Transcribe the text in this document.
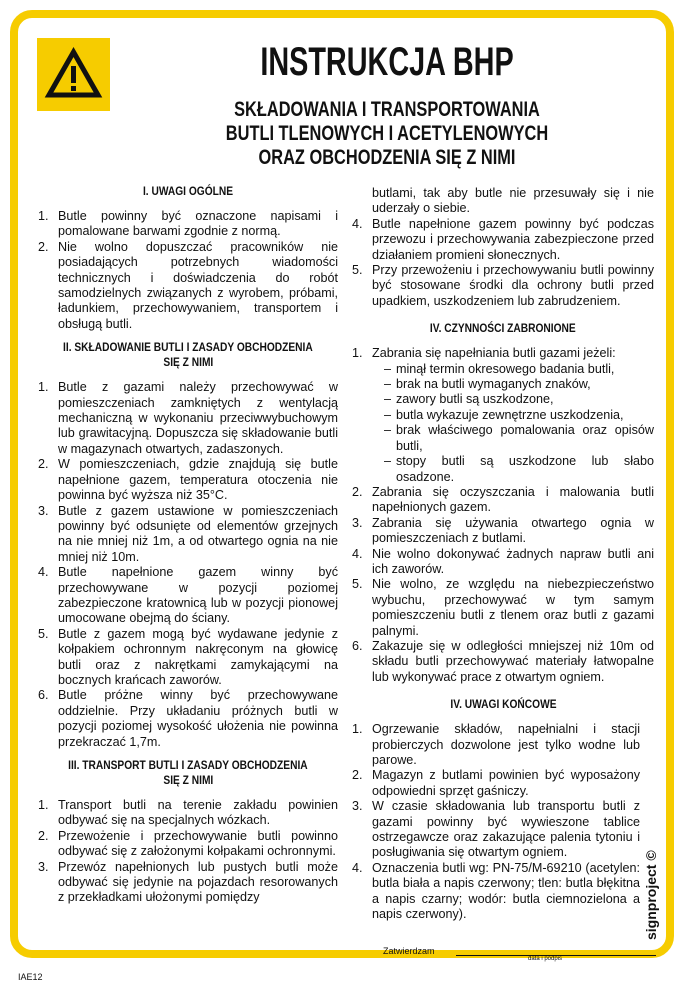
INSTRUKCJA BHP
SKŁADOWANIA I TRANSPORTOWANIA
BUTLI TLENOWYCH I ACETYLENOWYCH
ORAZ OBCHODZENIA SIĘ Z NIMI
I. UWAGI OGÓLNE
1. Butle powinny być oznaczone napisami i pomalowane barwami zgodnie z normą.
2. Nie wolno dopuszczać pracowników nie posiadających potrzebnych wiadomości technicznych i doświadczenia do robót samodzielnych związanych z wyrobem, próbami, ładunkiem, przechowywaniem, transportem i obsługą butli.
II. SKŁADOWANIE BUTLI I ZASADY OBCHODZENIA
SIĘ Z NIMI
1. Butle z gazami należy przechowywać w pomieszczeniach zamkniętych z wentylacją mechaniczną w wykonaniu przeciwwybuchowym lub grawitacyjną. Dopuszcza się składowanie butli w magazynach otwartych, zadaszonych.
2. W pomieszczeniach, gdzie znajdują się butle napełnione gazem, temperatura otoczenia nie powinna być wyższa niż 35°C.
3. Butle z gazem ustawione w pomieszczeniach powinny być odsunięte od elementów grzejnych na nie mniej niż 1m, a od otwartego ognia na nie mniej niż 10m.
4. Butle napełnione gazem winny być przechowywane w pozycji poziomej zabezpieczone kratownicą lub w pozycji pionowej umocowane obejmą do ściany.
5. Butle z gazem mogą być wydawane jedynie z kołpakiem ochronnym nakręconym na głowicę butli oraz z nakrętkami zamykającymi na bocznych krańcach zaworów.
6. Butle próżne winny być przechowywane oddzielnie. Przy układaniu próżnych butli w pozycji poziomej wysokość ułożenia nie powinna przekraczać 1,7m.
III. TRANSPORT BUTLI I ZASADY OBCHODZENIA
SIĘ Z NIMI
1. Transport butli na terenie zakładu powinien odbywać się na specjalnych wózkach.
2. Przewożenie i przechowywanie butli powinno odbywać się z założonymi kołpakami ochronnymi.
3. Przewóz napełnionych lub pustych butli może odbywać się jedynie na pojazdach resorowanych z przekładkami ułożonymi pomiędzy
butlami, tak aby butle nie przesuwały się i nie uderzały o siebie.
4. Butle napełnione gazem powinny być podczas przewozu i przechowywania zabezpieczone przed działaniem promieni słonecznych.
5. Przy przewożeniu i przechowywaniu butli powinny być stosowane środki dla ochrony butli przed upadkiem, uszkodzeniem lub zabrudzeniem.
IV. CZYNNOŚCI ZABRONIONE
1. Zabrania się napełniania butli gazami jeżeli:
– minął termin okresowego badania butli,
– brak na butli wymaganych znaków,
– zawory butli są uszkodzone,
– butla wykazuje zewnętrzne uszkodzenia,
– brak właściwego pomalowania oraz opisów butli,
– stopy butli są uszkodzone lub słabo osadzone.
2. Zabrania się oczyszczania i malowania butli napełnionych gazem.
3. Zabrania się używania otwartego ognia w pomieszczeniach z butlami.
4. Nie wolno dokonywać żadnych napraw butli ani ich zaworów.
5. Nie wolno, ze względu na niebezpieczeństwo wybuchu, przechowywać w tym samym pomieszczeniu butli z tlenem oraz butli z gazami palnymi.
6. Zakazuje się w odległości mniejszej niż 10m od składu butli przechowywać materiały łatwopalne lub wykonywać prace z otwartym ogniem.
IV. UWAGI KOŃCOWE
1. Ogrzewanie składów, napełnialni i stacji probierczych dozwolone jest tylko wodne lub parowe.
2. Magazyn z butlami powinien być wyposażony odpowiedni sprzęt gaśniczy.
3. W czasie składowania lub transportu butli z gazami powinny być wywieszone tablice ostrzegawcze oraz zakazujące palenia tytoniu i posługiwania się otwartym ogniem.
4. Oznaczenia butli wg: PN-75/M-69210 (acetylen: butla biała a napis czerwony; tlen: butla błękitna a napis czarny; wodór: butla ciemnozielona a napis czerwony).
Zatwierdzam
data i podpis
signproject ©
IAE12
